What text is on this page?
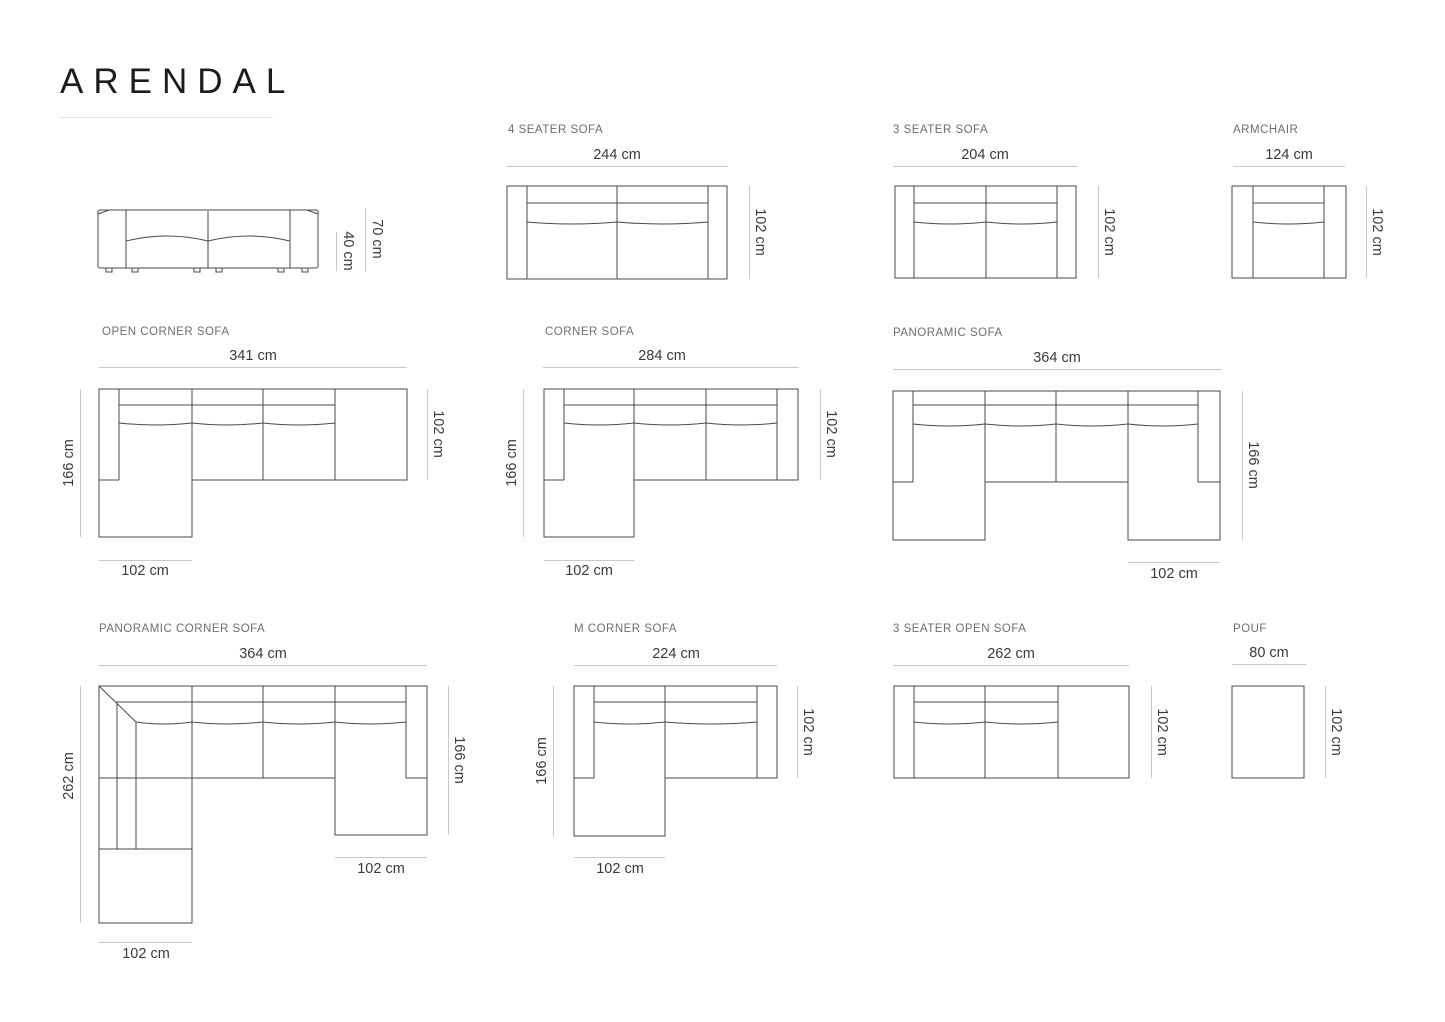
ARENDAL
40 cm 70 cm
4 SEATER SOFA
244 cm
102 cm
3 SEATER SOFA
204 cm
102 cm
ARMCHAIR
124 cm
102 cm
OPEN CORNER SOFA
341 cm
166 cm
102 cm
102 cm
CORNER SOFA
284 cm
166 cm
102 cm
102 cm
PANORAMIC SOFA
364 cm
166 cm
102 cm
PANORAMIC CORNER SOFA
364 cm
262 cm
102 cm
102 cm
166 cm
M CORNER SOFA
224 cm
166 cm
102 cm
102 cm
3 SEATER OPEN SOFA
262 cm
102 cm
POUF
80 cm
102 cm
